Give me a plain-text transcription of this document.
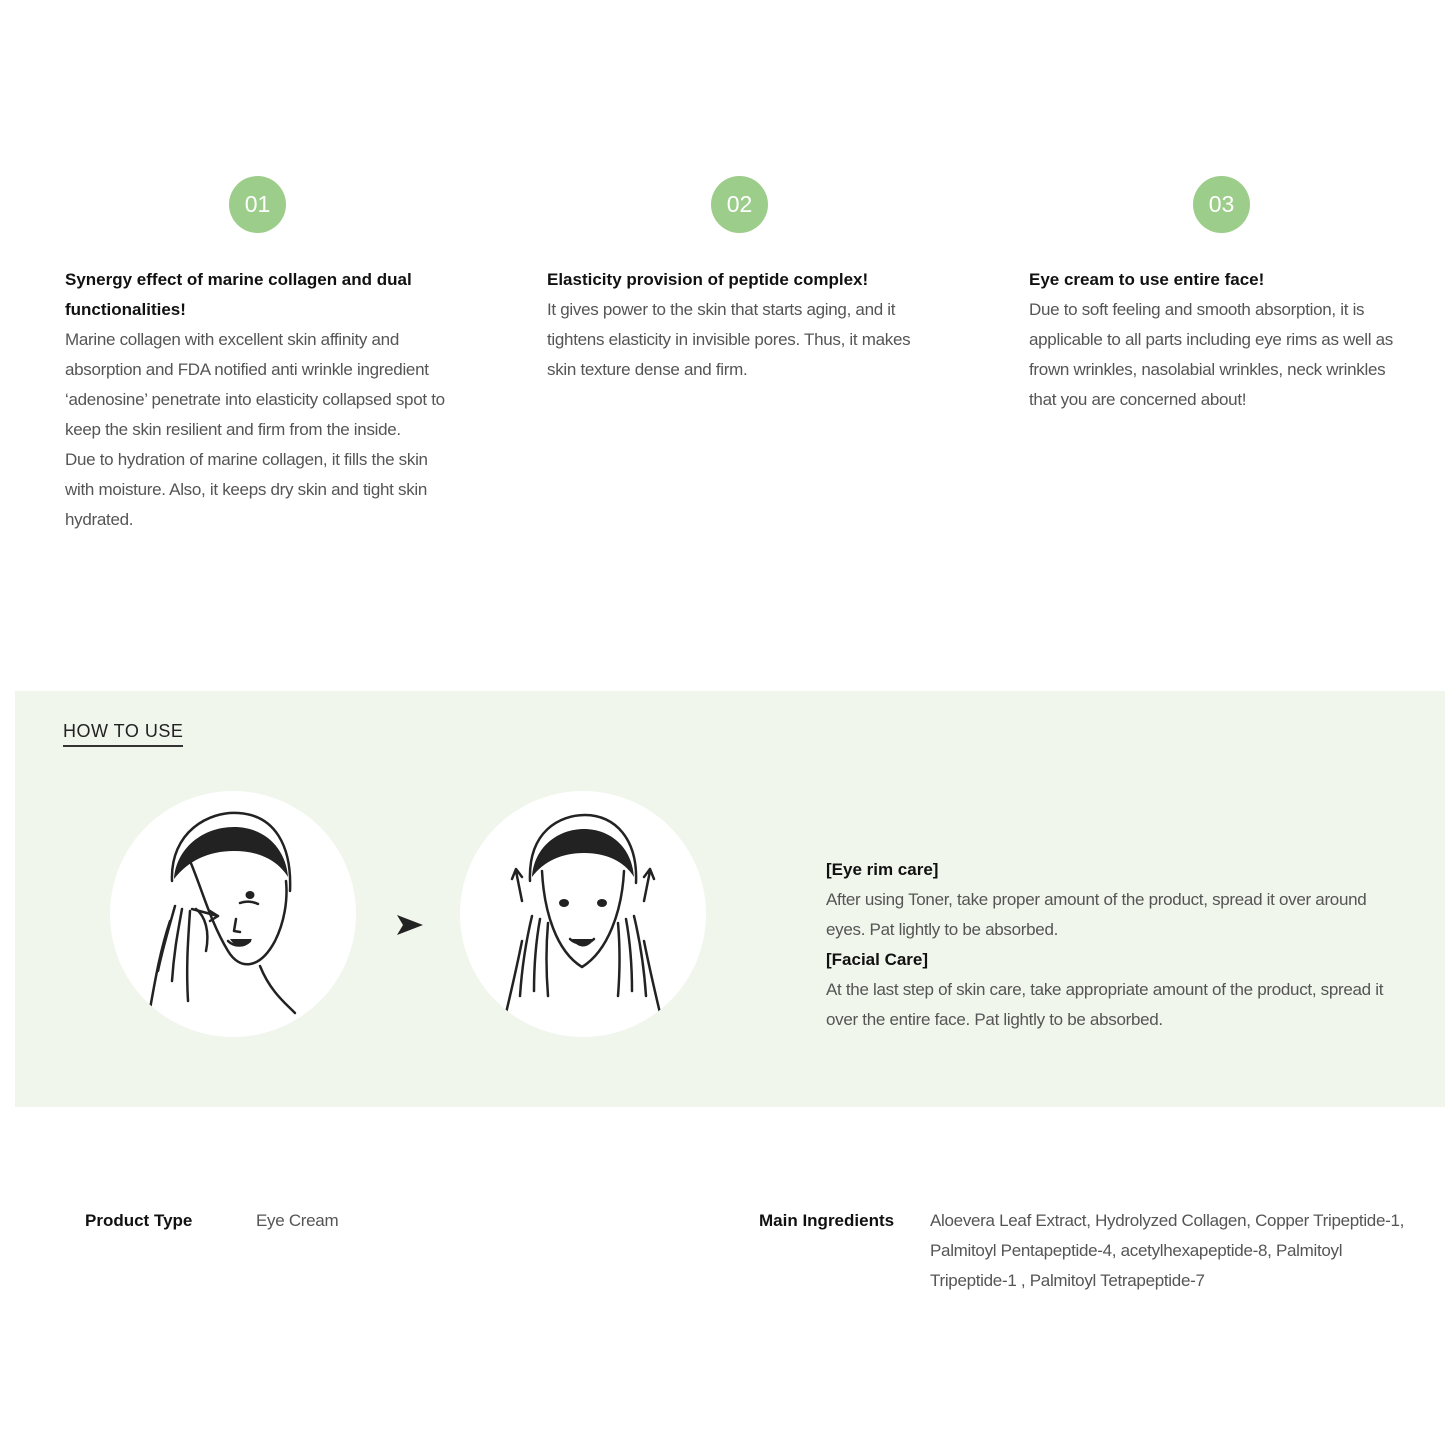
01
Synergy effect of marine collagen and dual functionalities!

Marine collagen with excellent skin affinity and absorption and FDA notified anti wrinkle ingredient ‘adenosine’ penetrate into elasticity collapsed spot to keep the skin resilient and firm from the inside.

Due to hydration of marine collagen, it fills the skin with moisture. Also, it keeps dry skin and tight skin hydrated.

02
Elasticity provision of peptide complex!

It gives power to the skin that starts aging, and it tightens elasticity in invisible pores. Thus, it makes skin texture dense and firm.

03
Eye cream to use entire face!

Due to soft feeling and smooth absorption, it is applicable to all parts including eye rims as well as frown wrinkles, nasolabial wrinkles, neck wrinkles that you are concerned about!

HOW TO USE
[Eye rim care]
After using Toner, take proper amount of the product, spread it over around eyes. Pat lightly to be absorbed.
[Facial Care]
At the last step of skin care, take appropriate amount of the product, spread it over the entire face. Pat lightly to be absorbed.
Product Type	Eye Cream	Main Ingredients Aloevera Leaf Extract, Hydrolyzed Collagen, Copper Tripeptide-1, Palmitoyl Pentapeptide-4, acetylhexapeptide-8, Palmitoyl Tripeptide-1 , Palmitoyl Tetrapeptide-7
